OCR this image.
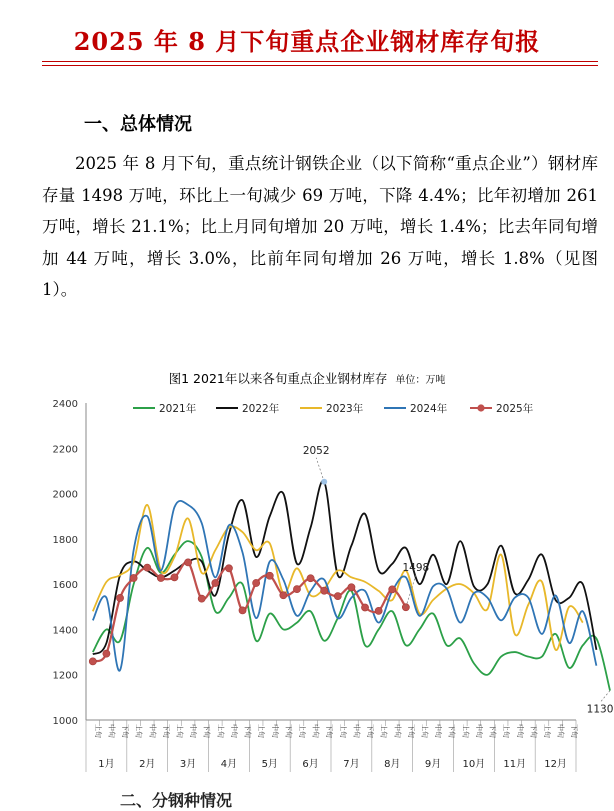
2025 年 8 月下旬重点企业钢材库存旬报
一、总体情况
2025 年 8 月下旬，重点统计钢铁企业（以下简称“重点企业”）钢材库存量 1498 万吨，环比上一旬减少 69 万吨，下降 4.4%；比年初增加 261 万吨，增长 21.1%；比上月同旬增加 20 万吨，增长 1.4%；比去年同旬增加 44 万吨，增长 3.0%，比前年同旬增加 26 万吨，增长 1.8%（见图 1）。
图1 2021年以来各旬重点企业钢材库存 单位：万吨
1000
1200
1400
1600
1800
2000
2200
2400
上旬 中旬 下旬
1月
上旬 中旬 下旬
2月
上旬 中旬 下旬
3月
上旬 中旬 下旬
4月
上旬 中旬 下旬
5月
上旬 中旬 下旬
6月
上旬 中旬 下旬
7月
上旬 中旬 下旬
8月
上旬 中旬 下旬
9月
上旬 中旬 下旬
10月
上旬 中旬 下旬
11月
上旬 中旬 下旬
12月
2052
1498
1130
2021年	2022年	2023年	2024年	2025年
二、分钢种情况
